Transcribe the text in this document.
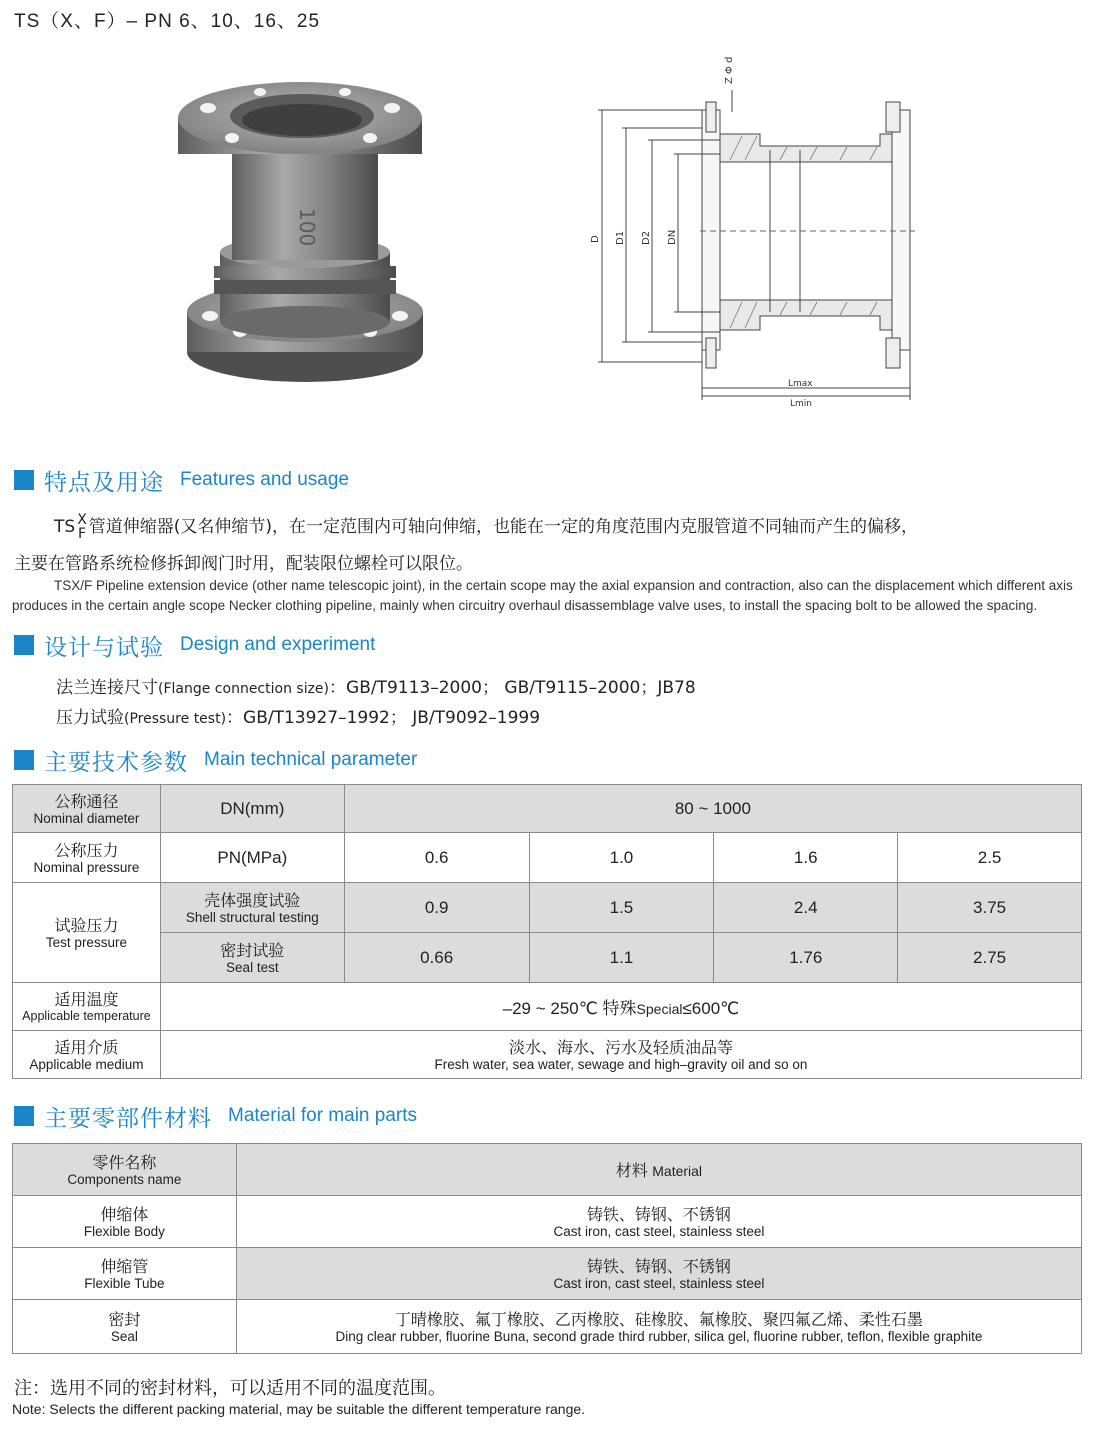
TS（X、F）– PN 6、10、16、25
100
Z Φ d
D D1 D2 DN
Lmax
Lmin
特点及用途 Features and usage
TS X
F 管道伸缩器(又名伸缩节)，在一定范围内可轴向伸缩，也能在一定的角度范围内克服管道不同轴而产生的偏移，
主要在管路系统检修拆卸阀门时用，配装限位螺栓可以限位。
TSX/F Pipeline extension device (other name telescopic joint), in the certain scope may the axial expansion and contraction, also can the displacement which different axis produces in the certain angle scope Necker clothing pipeline, mainly when circuitry overhaul disassemblage valve uses, to install the spacing bolt to be allowed the spacing.
设计与试验 Design and experiment
法兰连接尺寸(Flange connection size)：GB/T9113–2000； GB/T9115–2000；JB78
压力试验(Pressure test)：GB/T13927–1992； JB/T9092–1999
主要技术参数 Main technical parameter
公称通径
Nominal diameter	DN(mm)	80 ~ 1000			

公称压力
Nominal pressure	PN(MPa)	0.6	1.0	1.6	2.5

试验压力
Test pressure	壳体强度试验
Shell structural testing	0.9	1.5	2.4	3.75

	密封试验
Seal test	0.66	1.1	1.76	2.75

适用温度
Applicable temperature	–29 ~ 250℃ 特殊Special≤600℃				

适用介质
Applicable medium	淡水、海水、污水及轻质油品等
Fresh water, sea water, sewage and high–gravity oil and so on				
主要零部件材料 Material for main parts
零件名称
Components name	材料 Material

伸缩体
Flexible Body	铸铁、铸钢、不锈钢
Cast iron, cast steel, stainless steel

伸缩管
Flexible Tube	铸铁、铸钢、不锈钢
Cast iron, cast steel, stainless steel

密封
Seal	丁晴橡胶、氟丁橡胶、乙丙橡胶、硅橡胶、氟橡胶、聚四氟乙烯、柔性石墨
Ding clear rubber, fluorine Buna, second grade third rubber, silica gel, fluorine rubber, teflon, flexible graphite
注：选用不同的密封材料，可以适用不同的温度范围。
Note: Selects the different packing material, may be suitable the different temperature range.
